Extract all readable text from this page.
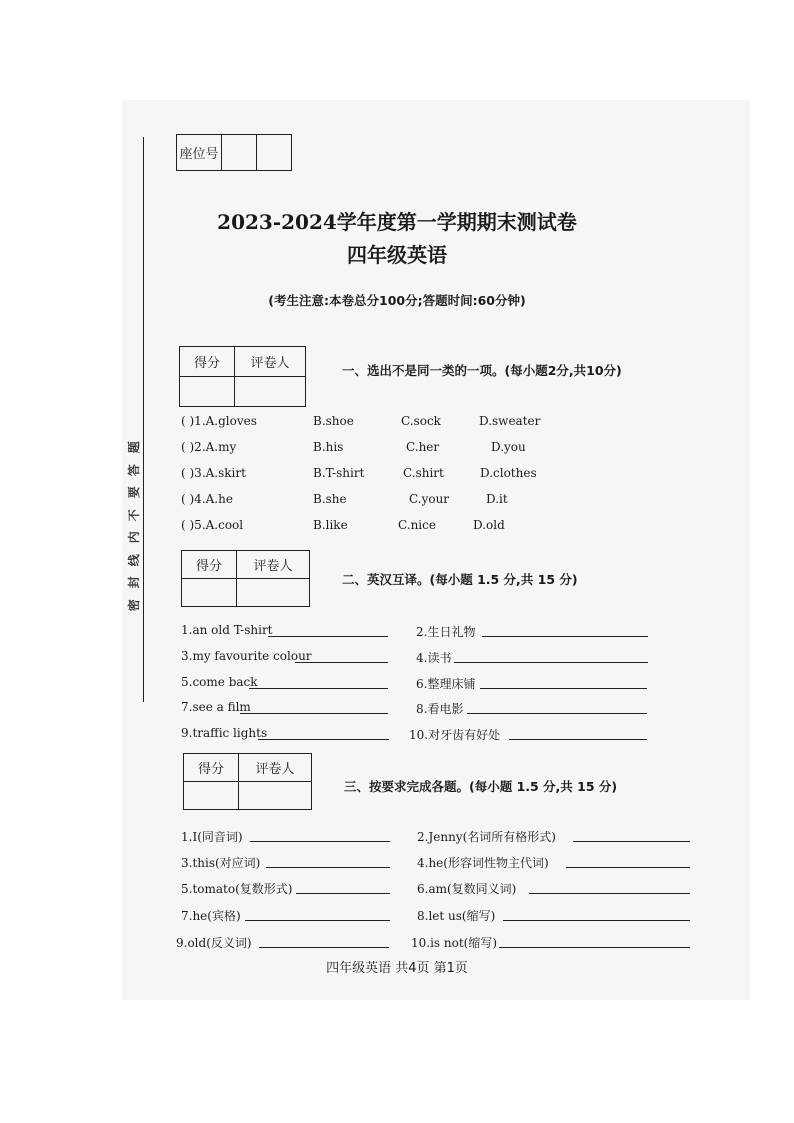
题
答
要
不
内
线
封
密
座位号		
2023-2024学年度第一学期期末测试卷
四年级英语
(考生注意:本卷总分100分;答题时间:60分钟)
得分	评卷人
		一、选出不是同一类的一项。(每小题2分,共10分)
( )1.A.gloves	B.shoe	C.sock	D.sweater
( )2.A.my	B.his	C.her	D.you
( )3.A.skirt	B.T-shirt	C.shirt	D.clothes
( )4.A.he	B.she	C.your	D.it
( )5.A.cool	B.like	C.nice	D.old
得分	评卷人

二、英汉互译。(每小题 1.5 分,共 15 分)
1.an old T-shirt	2.生日礼物
3.my favourite colour	4.读书
5.come back	6.整理床铺
7.see a film	8.看电影
9.traffic lights	10.对牙齿有好处
得分	评卷人

三、按要求完成各题。(每小题 1.5 分,共 15 分)
1.I(同音词)	2.Jenny(名词所有格形式)
3.this(对应词)	4.he(形容词性物主代词)
5.tomato(复数形式)	6.am(复数同义词)
7.he(宾格)	8.let us(缩写)
9.old(反义词)	10.is not(缩写)
四年级英语 共4页 第1页
